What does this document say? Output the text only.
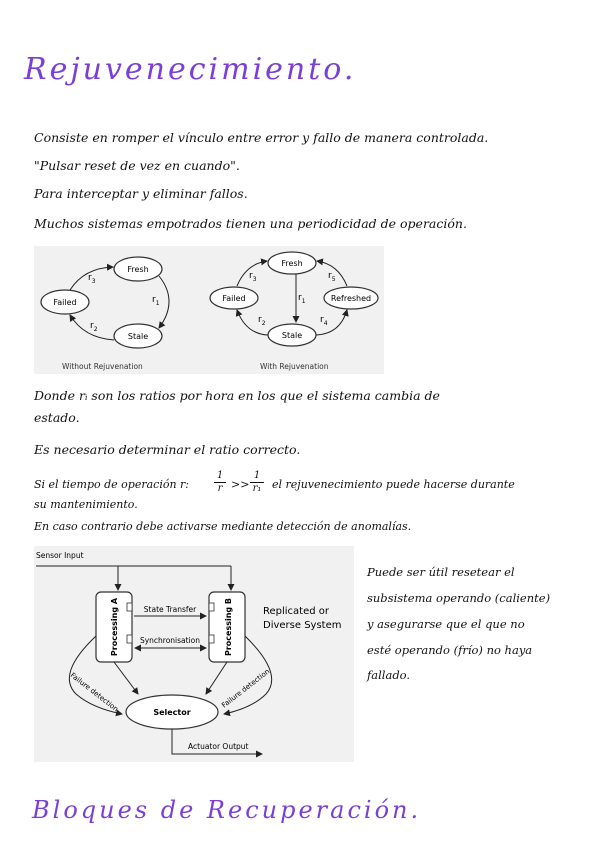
Rejuvenecimiento.
Consiste en romper el vínculo entre error y fallo de manera controlada.
"Pulsar reset de vez en cuando".
Para interceptar y eliminar fallos.
Muchos sistemas empotrados tienen una periodicidad de operación.
Fresh
Failed
Stale
$r_1$
$r_2$
$r_3$
Without Rejuvenation
Fresh
Failed	Refreshed
Stale
$r_1$
$r_2$
$r_3$
$r_4$
$r_5$
With Rejuvenation
Donde rᵢ son los ratios por hora en los que el sistema cambia de
estado.
Es necesario determinar el ratio correcto.
Si el tiempo de operación r:	$\frac{1}{r} >> \frac{1}{\text{r₁}}$ el rejuvenecimiento puede hacerse durante
su mantenimiento.
En caso contrario debe activarse mediante detección de anomalías.
Sensor Input
Processing A	Processing B
State Transfer
Synchronisation
Replicated or
Diverse System
Failure detection	Failure detection
Selector
Actuator Output
Puede ser útil resetear el
subsistema operando (caliente)
y asegurarse que el que no
esté operando (frío) no haya
fallado.
Bloques de Recuperación.
